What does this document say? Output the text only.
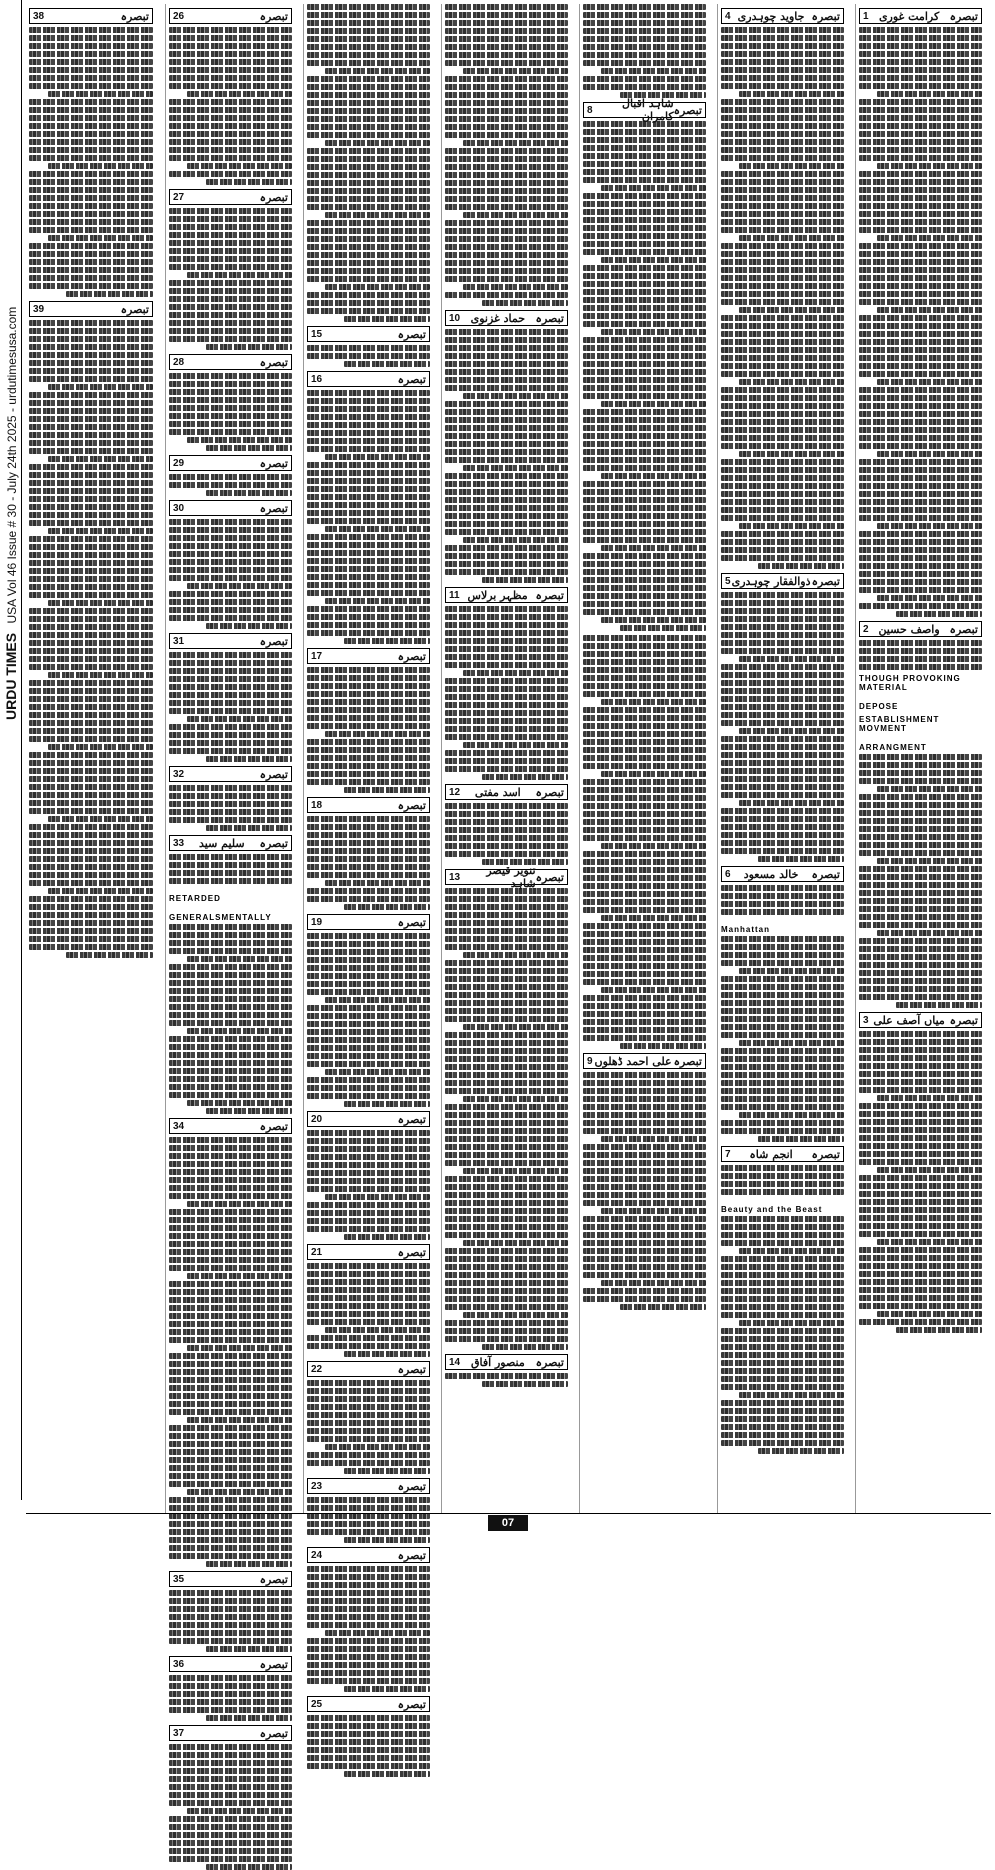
URDU TIMES USA Vol 46 Issue # 30 - July 24th 2025 - urdutimesusa.com
38	تبصرہ
39	تبصرہ
26	تبصرہ
27	تبصرہ
28	تبصرہ
29	تبصرہ
30	تبصرہ
31	تبصرہ
32	تبصرہ
33 سلیم سید تبصرہ
RETARDEDGENERALSMENTALLY
34	تبصرہ
35	تبصرہ
36	تبصرہ
37	تبصرہ
15	تبصرہ
16	تبصرہ
17	تبصرہ
18	تبصرہ
19	تبصرہ
20	تبصرہ
21	تبصرہ
22	تبصرہ
23	تبصرہ
24	تبصرہ
25	تبصرہ
10 حماد غزنوی تبصرہ
11 مظہر برلاس تبصرہ
12 اسد مفتی تبصرہ
13	تنویر قیصر شاہد تبصرہ
14 منصور آفاق تبصرہ
8	شاہد اقبال کامران تبصرہ
9 علی احمد ڈھلوں تبصرہ
4 جاوید چوہدری تبصرہ
5 ذوالفقار چوہدری تبصرہ
6 خالد مسعود تبصرہ
Manhattan
7 انجم شاہ تبصرہ
Beauty and the Beast
1 کرامت غوری تبصرہ
2 واصف حسین تبصرہ
THOUGH PROVOKING MATERIALDEPOSEESTABLISHMENT MOVMENTARRANGMENT
3 میاں آصف علی تبصرہ
07
